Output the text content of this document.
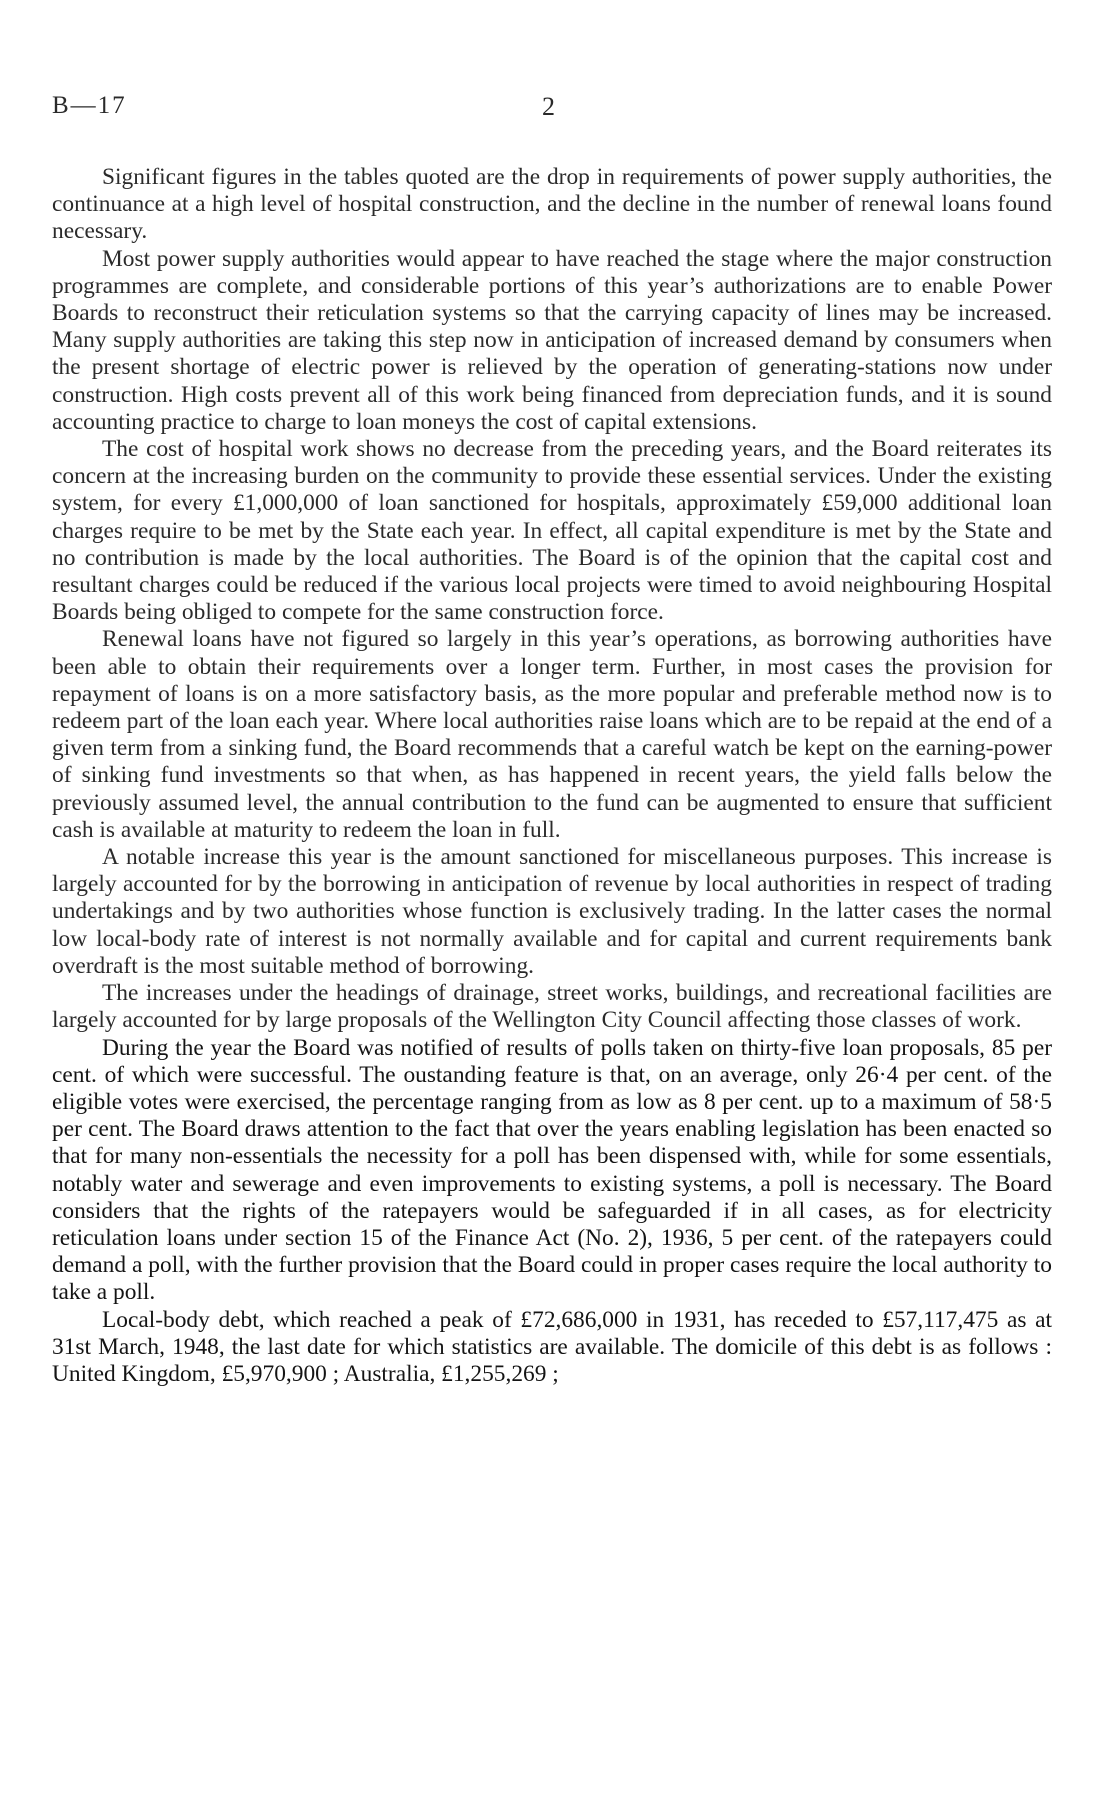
B—17	2

Significant figures in the tables quoted are the drop in requirements of power supply authorities, the continuance at a high level of hospital construction, and the decline in the number of renewal loans found necessary.

Most power supply authorities would appear to have reached the stage where the major construction programmes are complete, and considerable portions of this year’s authorizations are to enable Power Boards to reconstruct their reticulation systems so that the carrying capacity of lines may be increased. Many supply authorities are taking this step now in anticipation of increased demand by consumers when the present shortage of electric power is relieved by the operation of generating-stations now under construction. High costs prevent all of this work being financed from depreciation funds, and it is sound accounting practice to charge to loan moneys the cost of capital extensions.

The cost of hospital work shows no decrease from the preceding years, and the Board reiterates its concern at the increasing burden on the community to provide these essential services. Under the existing system, for every £1,000,000 of loan sanctioned for hospitals, approximately £59,000 additional loan charges require to be met by the State each year. In effect, all capital expenditure is met by the State and no contribution is made by the local authorities. The Board is of the opinion that the capital cost and resultant charges could be reduced if the various local projects were timed to avoid neighbouring Hospital Boards being obliged to compete for the same construction force.

Renewal loans have not figured so largely in this year’s operations, as borrowing authorities have been able to obtain their requirements over a longer term. Further, in most cases the provision for repayment of loans is on a more satisfactory basis, as the more popular and preferable method now is to redeem part of the loan each year. Where local authorities raise loans which are to be repaid at the end of a given term from a sinking fund, the Board recommends that a careful watch be kept on the earning-power of sinking fund investments so that when, as has happened in recent years, the yield falls below the previously assumed level, the annual contribution to the fund can be augmented to ensure that sufficient cash is available at maturity to redeem the loan in full.

A notable increase this year is the amount sanctioned for miscellaneous purposes. This increase is largely accounted for by the borrowing in anticipation of revenue by local authorities in respect of trading undertakings and by two authorities whose function is exclusively trading. In the latter cases the normal low local-body rate of interest is not normally available and for capital and current requirements bank overdraft is the most suitable method of borrowing.

The increases under the headings of drainage, street works, buildings, and recreational facilities are largely accounted for by large proposals of the Wellington City Council affecting those classes of work.

During the year the Board was notified of results of polls taken on thirty-five loan proposals, 85 per cent. of which were successful. The oustanding feature is that, on an average, only 26·4 per cent. of the eligible votes were exercised, the percentage ranging from as low as 8 per cent. up to a maximum of 58·5 per cent. The Board draws attention to the fact that over the years enabling legislation has been enacted so that for many non-essentials the necessity for a poll has been dispensed with, while for some essentials, notably water and sewerage and even improvements to existing systems, a poll is necessary. The Board considers that the rights of the ratepayers would be safeguarded if in all cases, as for electricity reticulation loans under section 15 of the Finance Act (No. 2), 1936, 5 per cent. of the ratepayers could demand a poll, with the further provision that the Board could in proper cases require the local authority to take a poll.

Local-body debt, which reached a peak of £72,686,000 in 1931, has receded to £57,117,475 as at 31st March, 1948, the last date for which statistics are available. The domicile of this debt is as follows : United Kingdom, £5,970,900 ; Australia, £1,255,269 ;
